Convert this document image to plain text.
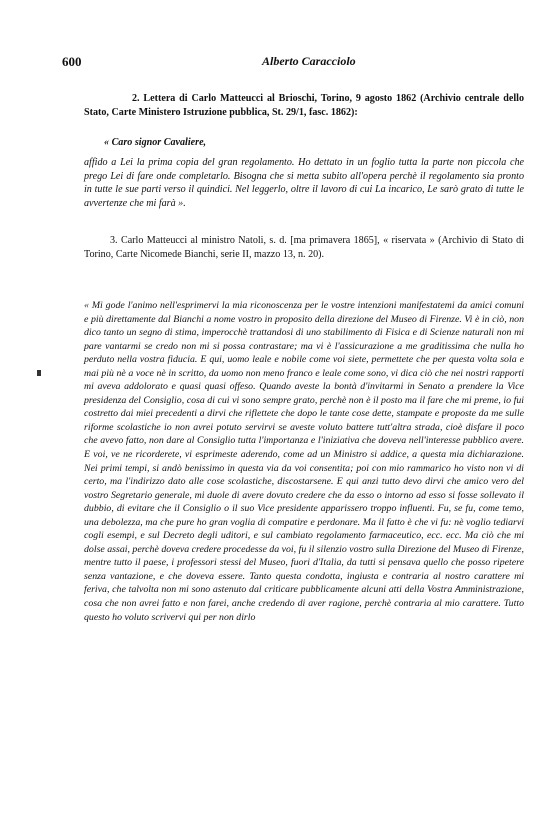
600	Alberto Caracciolo
2. Lettera di Carlo Matteucci al Brioschi, Torino, 9 agosto 1862 (Archivio centrale dello Stato, Carte Ministero Istruzione pubblica, St. 29/1, fasc. 1862):
« Caro signor Cavaliere,
affido a Lei la prima copia del gran regolamento. Ho dettato in un foglio tutta la parte non piccola che prego Lei di fare onde completarlo. Bisogna che si metta subito all'opera perchè il regolamento sia pronto in tutte le sue parti verso il quindici. Nel leggerlo, oltre il lavoro di cui La incarico, Le sarò grato di tutte le avvertenze che mi farà ».
3. Carlo Matteucci al ministro Natoli, s. d. [ma primavera 1865], « riservata » (Archivio di Stato di Torino, Carte Nicomede Bianchi, serie II, mazzo 13, n. 20).
« Mi gode l'animo nell'esprimervi la mia riconoscenza per le vostre intenzioni manifestatemi da amici comuni e più direttamente dal Bianchi a nome vostro in proposito della direzione del Museo di Firenze. Vi è in ciò, non dico tanto un segno di stima, imperocchè trattandosi di uno stabilimento di Fisica e di Scienze naturali non mi pare vantarmi se credo non mi si possa contrastare; ma vi è l'assicurazione a me graditissima che nulla ho perduto nella vostra fiducia. E qui, uomo leale e nobile come voi siete, permettete che per questa volta sola e mai più nè a voce nè in scritto, da uomo non meno franco e leale come sono, vi dica ciò che nei nostri rapporti mi aveva addolorato e quasi quasi offeso. Quando aveste la bontà d'invitarmi in Senato a prendere la Vice presidenza del Consiglio, cosa di cui vi sono sempre grato, perchè non è il posto ma il fare che mi preme, io fui costretto dai miei precedenti a dirvi che riflettete che dopo le tante cose dette, stampate e proposte da me sulle riforme scolastiche io non avrei potuto servirvi se aveste voluto battere tutt'altra strada, cioè disfare il poco che avevo fatto, non dare al Consiglio tutta l'importanza e l'iniziativa che doveva nell'interesse pubblico avere. E voi, ve ne ricorderete, vi esprimeste aderendo, come ad un Ministro si addice, a questa mia dichiarazione. Nei primi tempi, si andò benissimo in questa via da voi consentita; poi con mio rammarico ho visto non vi di certo, ma l'indirizzo dato alle cose scolastiche, discostarsene. E qui anzi tutto devo dirvi che amico vero del vostro Segretario generale, mi duole di avere dovuto credere che da esso o intorno ad esso si fosse sollevato il dubbio, di evitare che il Consiglio o il suo Vice presidente apparissero troppo influenti. Fu, se fu, come temo, una debolezza, ma che pure ho gran voglia di compatire e perdonare. Ma il fatto è che vi fu: nè voglio tediarvi cogli esempi, e sul Decreto degli uditori, e sul cambiato regolamento farmaceutico, ecc. ecc. Ma ciò che mi dolse assai, perchè doveva credere procedesse da voi, fu il silenzio vostro sulla Direzione del Museo di Firenze, mentre tutto il paese, i professori stessi del Museo, fuori d'Italia, da tutti si pensava quello che posso ripetere senza vantazione, e che doveva essere. Tanto questa condotta, ingiusta e contraria al nostro carattere mi feriva, che talvolta non mi sono astenuto dal criticare pubblicamente alcuni atti della Vostra Amministrazione, cosa che non avrei fatto e non farei, anche credendo di aver ragione, perchè contraria al mio carattere. Tutto questo ho voluto scrivervi qui per non dirlo
